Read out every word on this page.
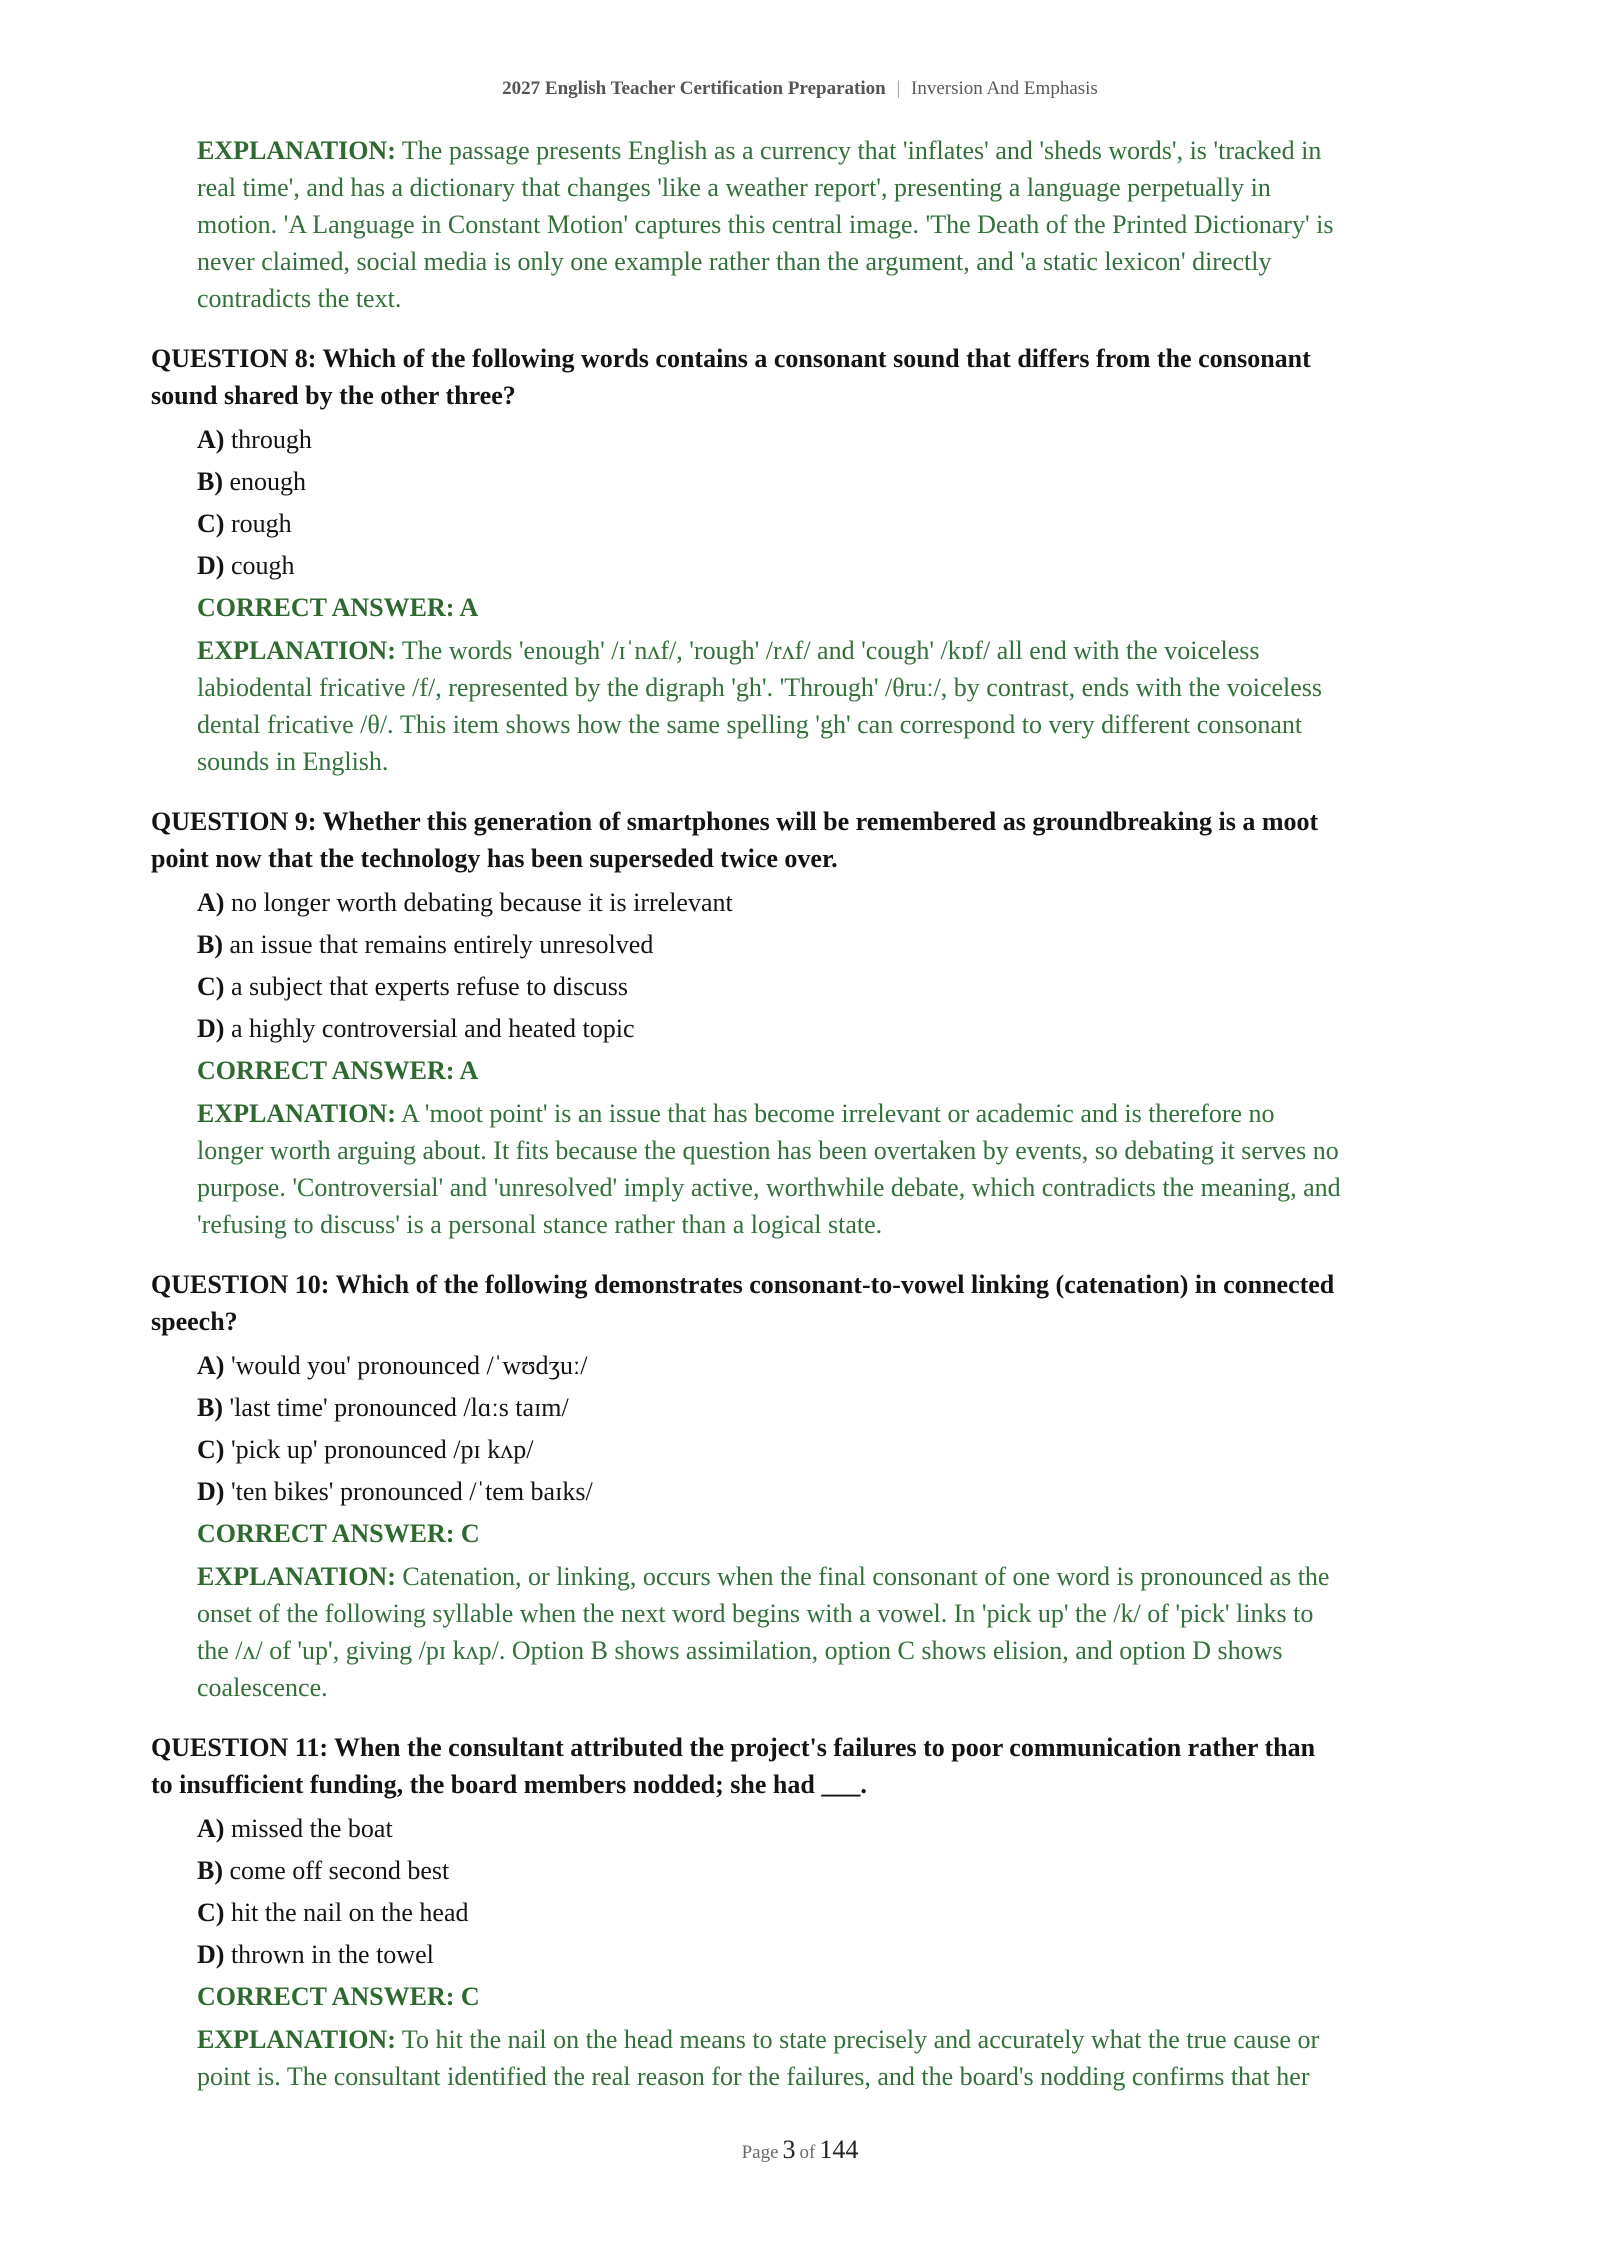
2027 English Teacher Certification Preparation | Inversion And Emphasis
EXPLANATION: The passage presents English as a currency that 'inflates' and 'sheds words', is 'tracked in
real time', and has a dictionary that changes 'like a weather report', presenting a language perpetually in
motion. 'A Language in Constant Motion' captures this central image. 'The Death of the Printed Dictionary' is
never claimed, social media is only one example rather than the argument, and 'a static lexicon' directly
contradicts the text.
QUESTION 8: Which of the following words contains a consonant sound that differs from the consonant
sound shared by the other three?
A) through
B) enough
C) rough
D) cough
CORRECT ANSWER: A
EXPLANATION: The words 'enough' /ɪˈnʌf/, 'rough' /rʌf/ and 'cough' /kɒf/ all end with the voiceless
labiodental fricative /f/, represented by the digraph 'gh'. 'Through' /θruː/, by contrast, ends with the voiceless
dental fricative /θ/. This item shows how the same spelling 'gh' can correspond to very different consonant
sounds in English.
QUESTION 9: Whether this generation of smartphones will be remembered as groundbreaking is a moot
point now that the technology has been superseded twice over.
A) no longer worth debating because it is irrelevant
B) an issue that remains entirely unresolved
C) a subject that experts refuse to discuss
D) a highly controversial and heated topic
CORRECT ANSWER: A
EXPLANATION: A 'moot point' is an issue that has become irrelevant or academic and is therefore no
longer worth arguing about. It fits because the question has been overtaken by events, so debating it serves no
purpose. 'Controversial' and 'unresolved' imply active, worthwhile debate, which contradicts the meaning, and
'refusing to discuss' is a personal stance rather than a logical state.
QUESTION 10: Which of the following demonstrates consonant-to-vowel linking (catenation) in connected
speech?
A) 'would you' pronounced /ˈwʊdʒuː/
B) 'last time' pronounced /lɑːs taɪm/
C) 'pick up' pronounced /pɪ kʌp/
D) 'ten bikes' pronounced /ˈtem baɪks/
CORRECT ANSWER: C
EXPLANATION: Catenation, or linking, occurs when the final consonant of one word is pronounced as the
onset of the following syllable when the next word begins with a vowel. In 'pick up' the /k/ of 'pick' links to
the /ʌ/ of 'up', giving /pɪ kʌp/. Option B shows assimilation, option C shows elision, and option D shows
coalescence.
QUESTION 11: When the consultant attributed the project's failures to poor communication rather than
to insufficient funding, the board members nodded; she had ___.
A) missed the boat
B) come off second best
C) hit the nail on the head
D) thrown in the towel
CORRECT ANSWER: C
EXPLANATION: To hit the nail on the head means to state precisely and accurately what the true cause or
point is. The consultant identified the real reason for the failures, and the board's nodding confirms that her
Page 3 of 144
